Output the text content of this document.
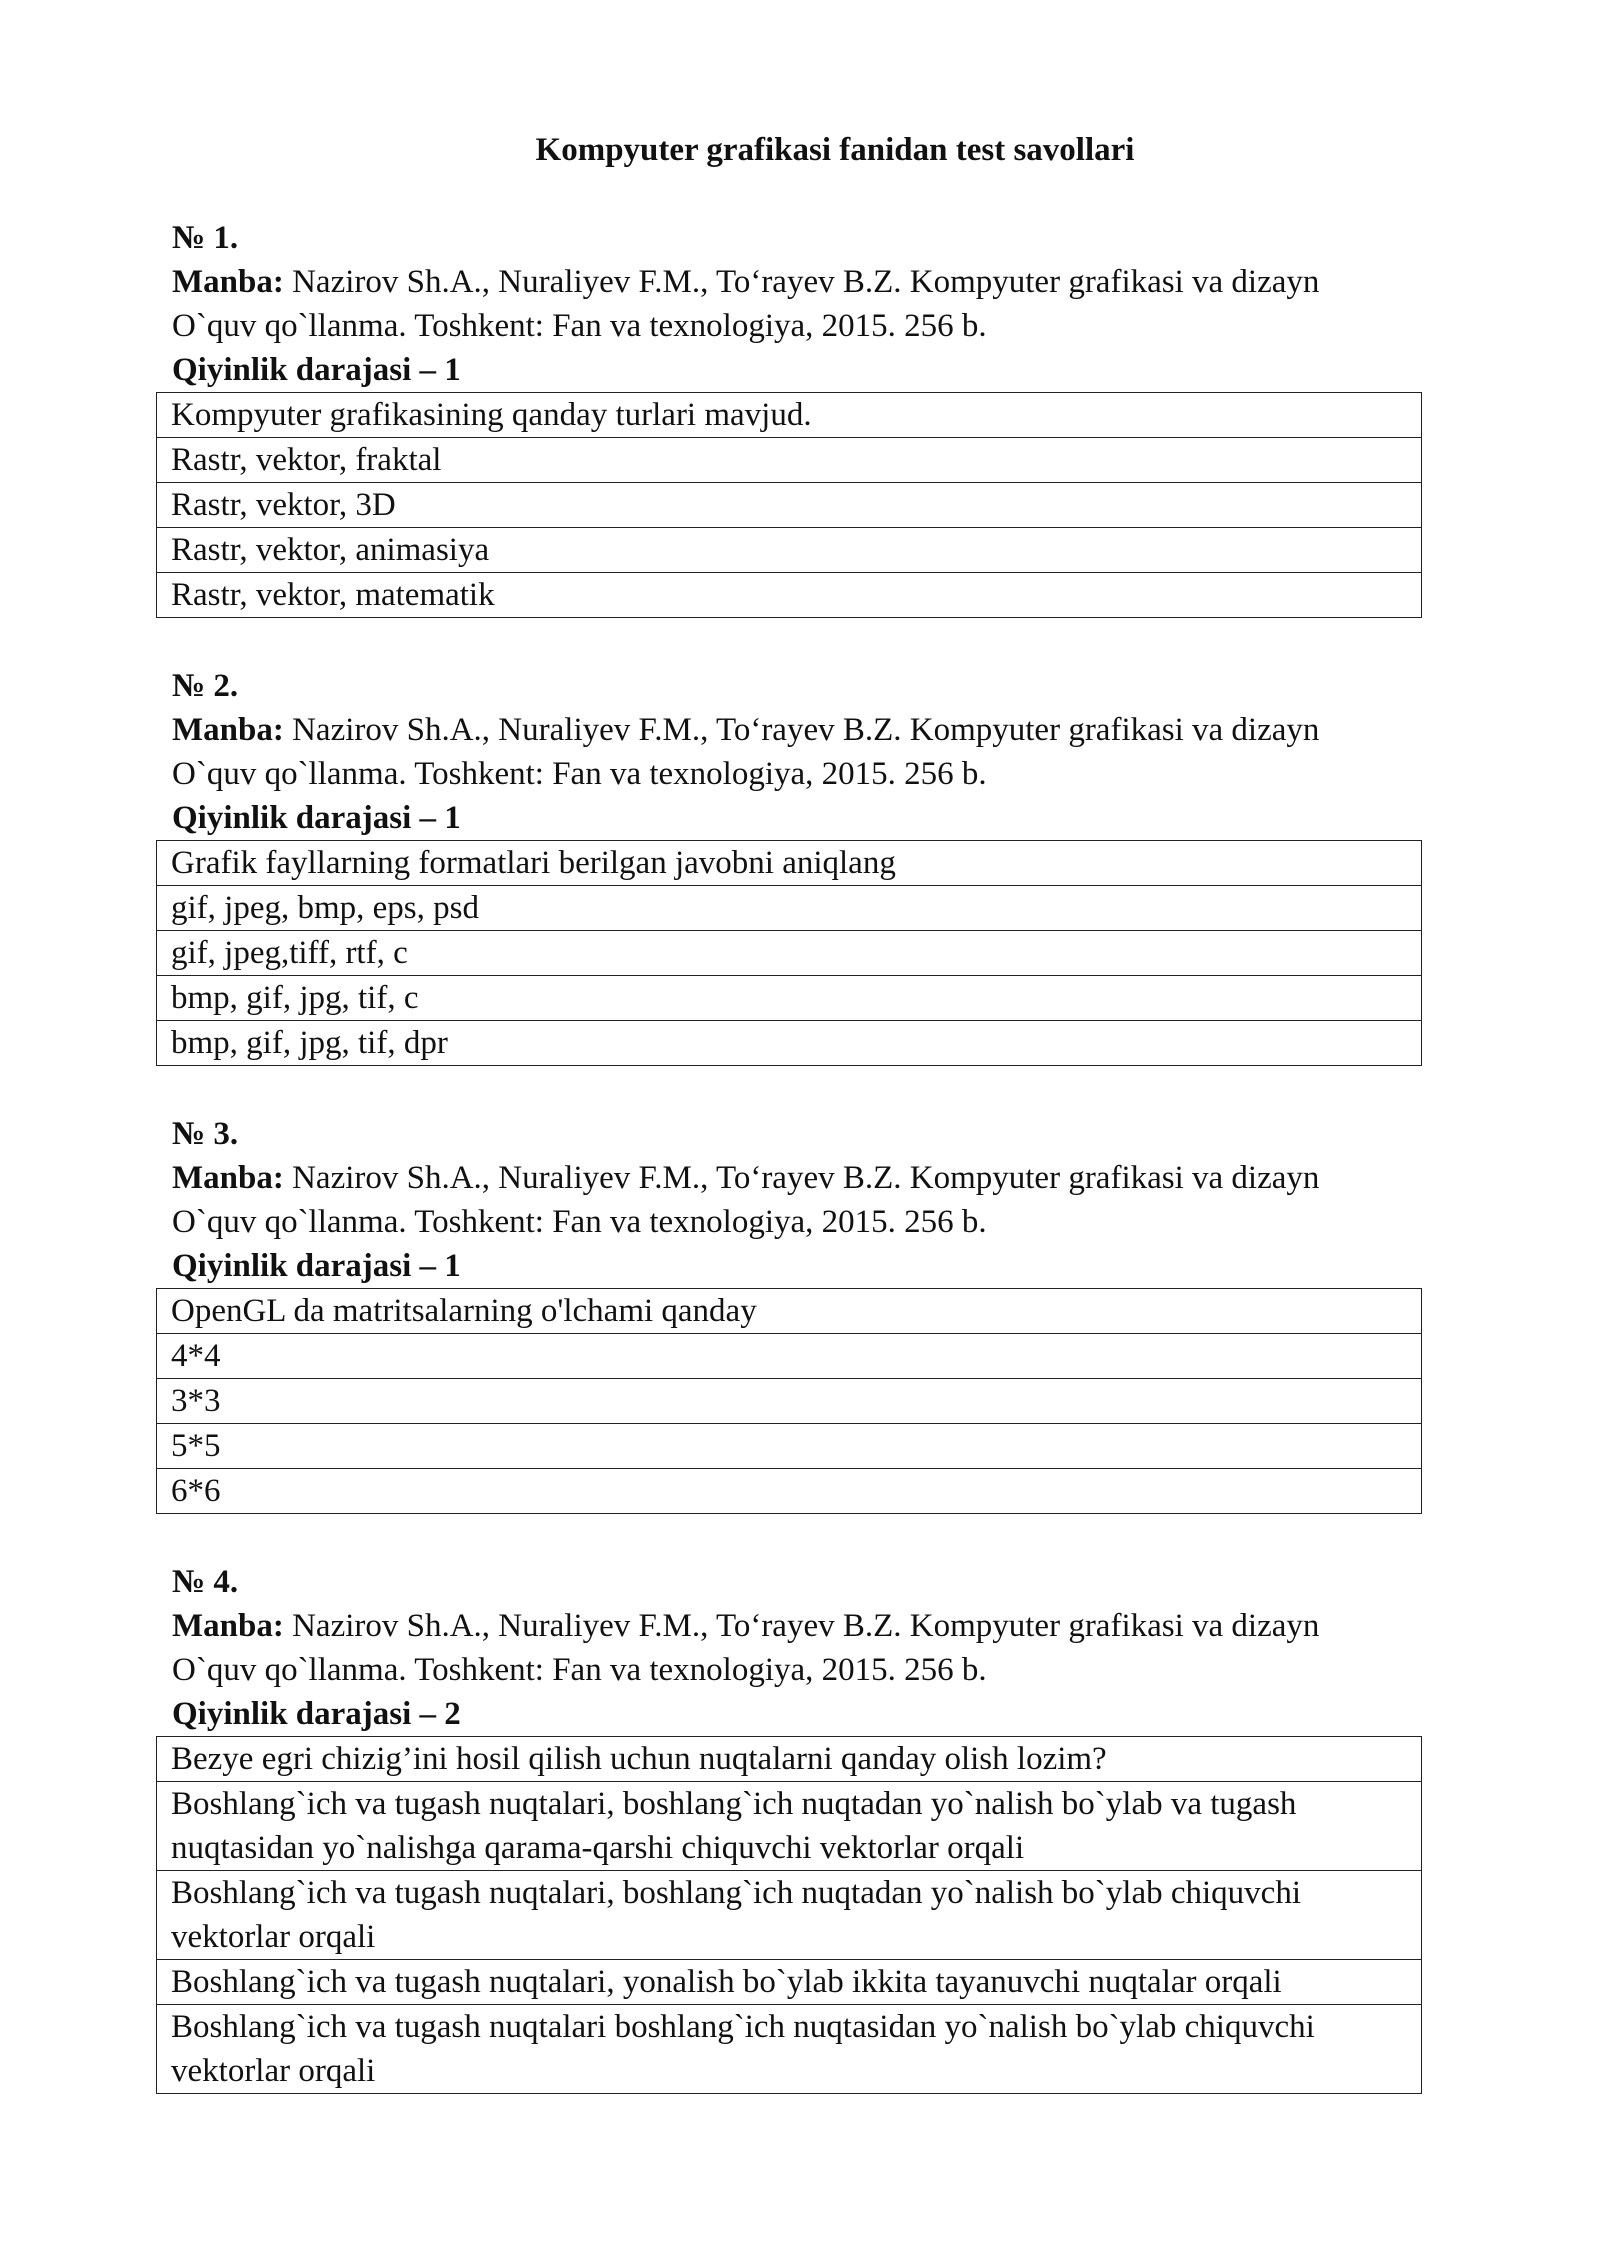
Kompyuter grafikasi fanidan test savollari
№ 1.
Manba: Nazirov Sh.A., Nuraliyev F.M., To‘rayev B.Z. Kompyuter grafikasi va dizayn
O`quv qo`llanma. Toshkent: Fan va texnologiya, 2015. 256 b.
Qiyinlik darajasi – 1
Kompyuter grafikasining qanday turlari mavjud.
Rastr, vektor, fraktal
Rastr, vektor, 3D
Rastr, vektor, animasiya
Rastr, vektor, matematik
№ 2.
Manba: Nazirov Sh.A., Nuraliyev F.M., To‘rayev B.Z. Kompyuter grafikasi va dizayn
O`quv qo`llanma. Toshkent: Fan va texnologiya, 2015. 256 b.
Qiyinlik darajasi – 1
Grafik fayllarning formatlari berilgan javobni aniqlang
gif, jpeg, bmp, eps, psd
gif, jpeg,tiff, rtf, c
bmp, gif, jpg, tif, c
bmp, gif, jpg, tif, dpr
№ 3.
Manba: Nazirov Sh.A., Nuraliyev F.M., To‘rayev B.Z. Kompyuter grafikasi va dizayn
O`quv qo`llanma. Toshkent: Fan va texnologiya, 2015. 256 b.
Qiyinlik darajasi – 1
OpenGL da matritsalarning o'lchami qanday
4*4
3*3
5*5
6*6
№ 4.
Manba: Nazirov Sh.A., Nuraliyev F.M., To‘rayev B.Z. Kompyuter grafikasi va dizayn
O`quv qo`llanma. Toshkent: Fan va texnologiya, 2015. 256 b.
Qiyinlik darajasi – 2
Bezye egri chizig’ini hosil qilish uchun nuqtalarni qanday olish lozim?
Boshlang`ich va tugash nuqtalari, boshlang`ich nuqtadan yo`nalish bo`ylab va tugash nuqtasidan yo`nalishga qarama-qarshi chiquvchi vektorlar orqali
Boshlang`ich va tugash nuqtalari, boshlang`ich nuqtadan yo`nalish bo`ylab chiquvchi vektorlar orqali
Boshlang`ich va tugash nuqtalari, yonalish bo`ylab ikkita tayanuvchi nuqtalar orqali
Boshlang`ich va tugash nuqtalari boshlang`ich nuqtasidan yo`nalish bo`ylab chiquvchi vektorlar orqali
